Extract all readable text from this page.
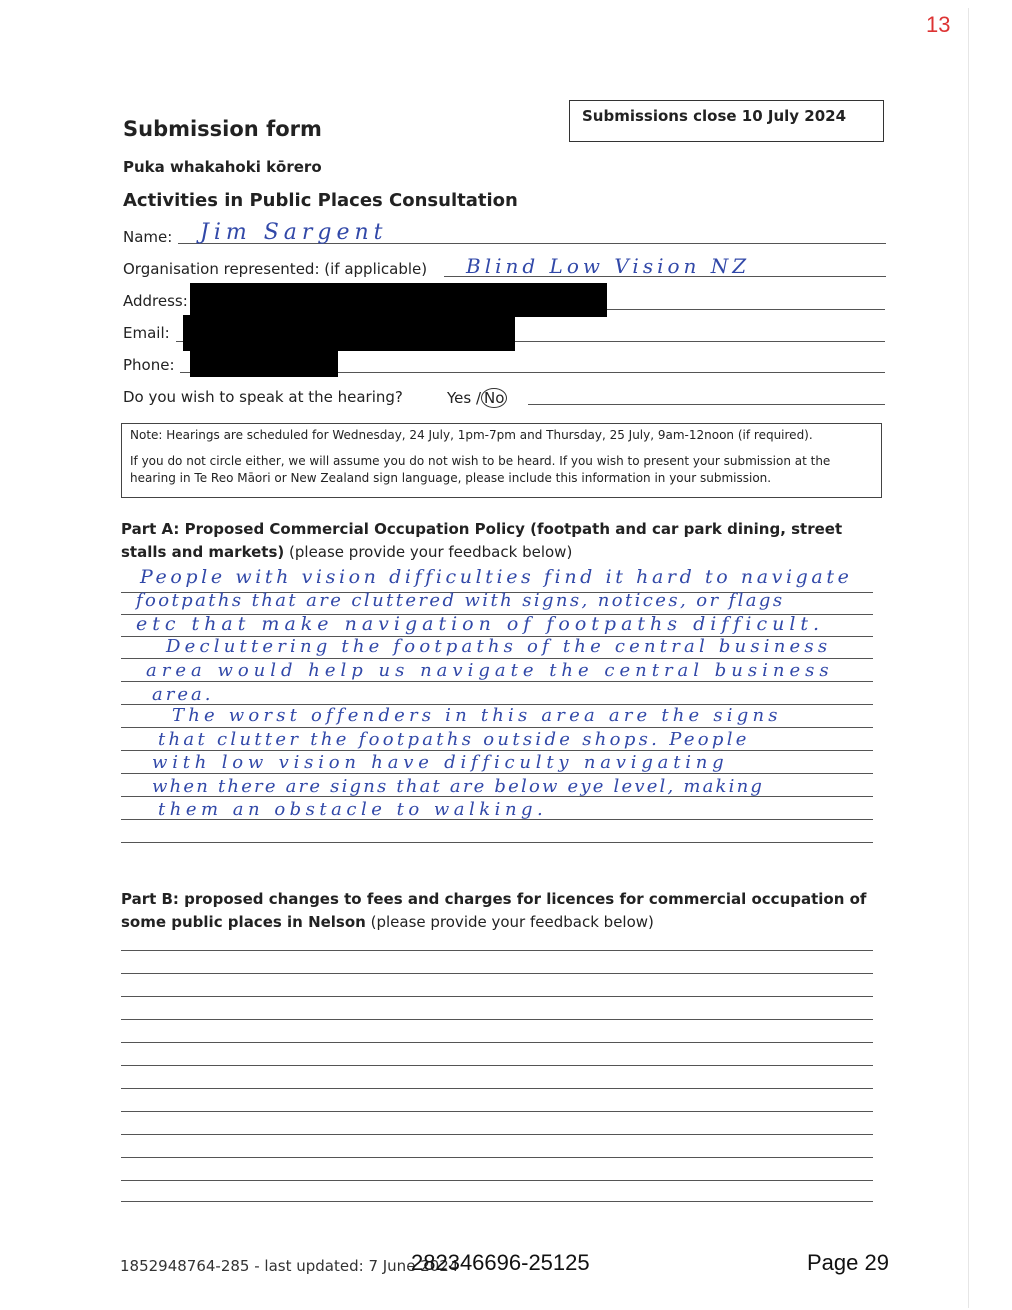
13
Submissions close 10 July 2024
Submission form
Puka whakahoki kōrero
Activities in Public Places Consultation
Name: Jim Sargent
Organisation represented: (if applicable) Blind Low Vision NZ
Address:
Email:
Phone:
Do you wish to speak at the hearing?	Yes / No

Note: Hearings are scheduled for Wednesday, 24 July, 1pm-7pm and Thursday, 25 July, 9am-12noon (if required).

If you do not circle either, we will assume you do not wish to be heard. If you wish to present your submission at the hearing in Te Reo Māori or New Zealand sign language, please include this information in your submission.

Part A: Proposed Commercial Occupation Policy (footpath and car park dining, street stalls and markets) (please provide your feedback below)
People with vision difficulties find it hard to navigate
footpaths that are cluttered with signs, notices, or flags
etc that make navigation of footpaths difficult.
Decluttering the footpaths of the central business
area would help us navigate the central business
area.
The worst offenders in this area are the signs
that clutter the footpaths outside shops. People
with low vision have difficulty navigating
when there are signs that are below eye level, making
them an obstacle to walking.
Part B: proposed changes to fees and charges for licences for commercial occupation of some public places in Nelson (please provide your feedback below)
1852948764-285 - last updated: 7 June 2024
282346696-25125	Page 29
